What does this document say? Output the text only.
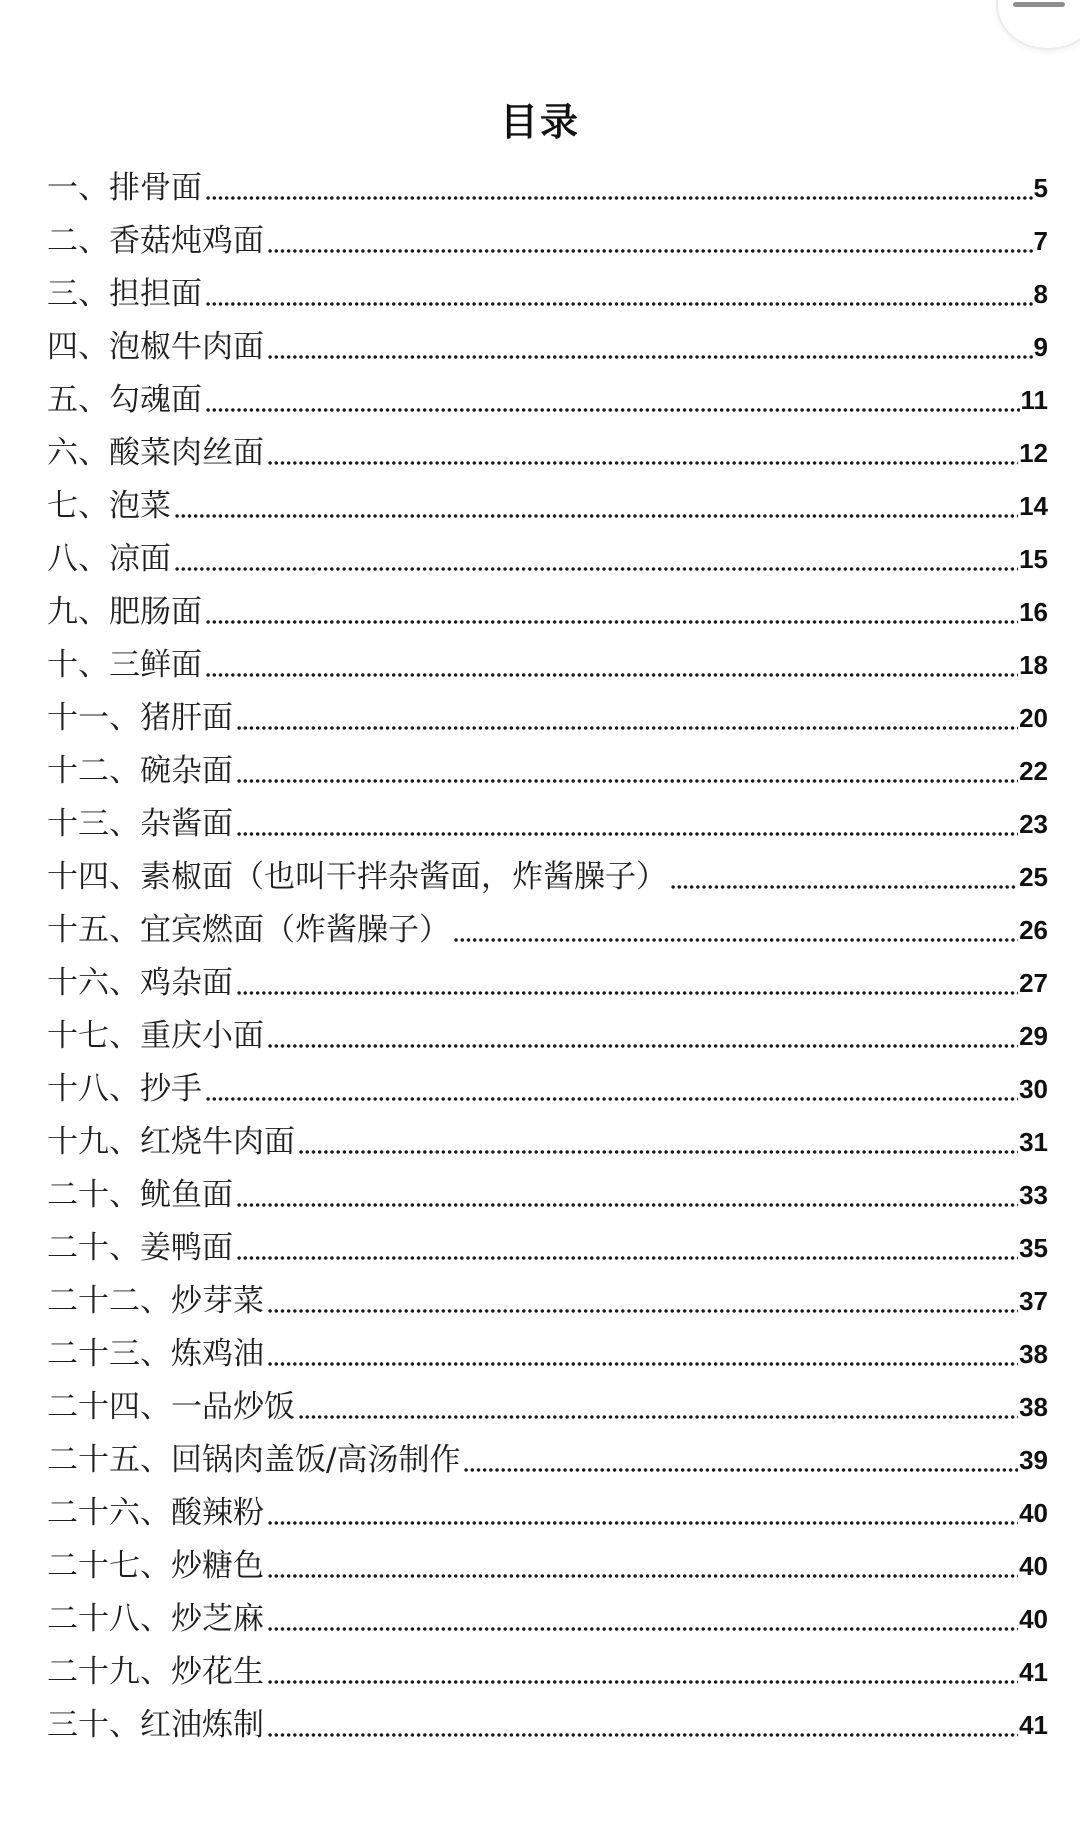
目录
一、排骨面	5
二、香菇炖鸡面	7
三、担担面	8
四、泡椒牛肉面	9
五、勾魂面	11
六、酸菜肉丝面	12
七、泡菜	14
八、凉面	15
九、肥肠面	16
十、三鲜面	18
十一、猪肝面	20
十二、碗杂面	22
十三、杂酱面	23
十四、素椒面（也叫干拌杂酱面，炸酱臊子）	25
十五、宜宾燃面（炸酱臊子）	26
十六、鸡杂面	27
十七、重庆小面	29
十八、抄手	30
十九、红烧牛肉面	31
二十、鱿鱼面	33
二十、姜鸭面	35
二十二、炒芽菜	37
二十三、炼鸡油	38
二十四、一品炒饭	38
二十五、回锅肉盖饭/高汤制作	39
二十六、酸辣粉	40
二十七、炒糖色	40
二十八、炒芝麻	40
二十九、炒花生	41
三十、红油炼制	41
